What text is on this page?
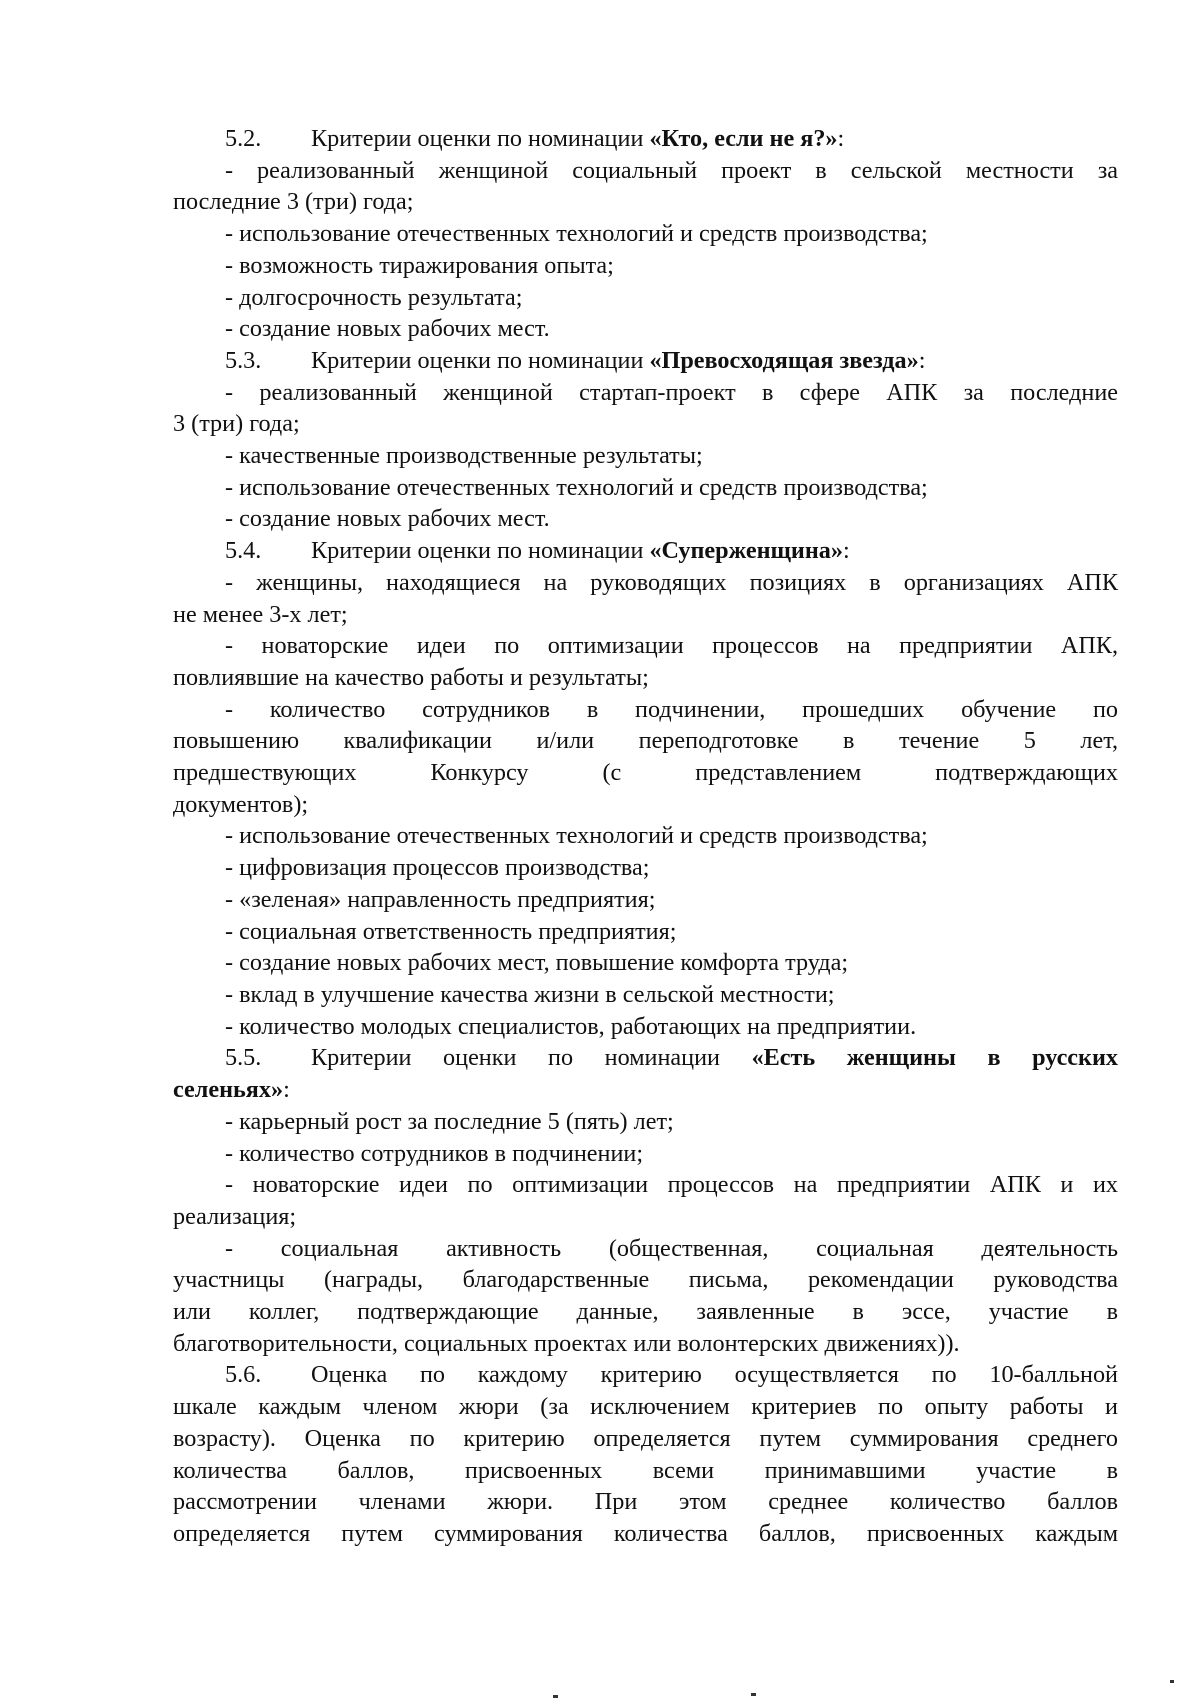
5.2. Критерии оценки по номинации «Кто, если не я?»:
- реализованный женщиной социальный проект в сельской местности за
последние 3 (три) года;
- использование отечественных технологий и средств производства;
- возможность тиражирования опыта;
- долгосрочность результата;
- создание новых рабочих мест.
5.3. Критерии оценки по номинации «Превосходящая звезда»:
- реализованный женщиной стартап-проект в сфере АПК за последние
3 (три) года;
- качественные производственные результаты;
- использование отечественных технологий и средств производства;
- создание новых рабочих мест.
5.4. Критерии оценки по номинации «Суперженщина»:
- женщины, находящиеся на руководящих позициях в организациях АПК
не менее 3-х лет;
- новаторские идеи по оптимизации процессов на предприятии АПК,
повлиявшие на качество работы и результаты;
- количество сотрудников в подчинении, прошедших обучение по
повышению квалификации и/или переподготовке в течение 5 лет,
предшествующих Конкурсу (с представлением подтверждающих
документов);
- использование отечественных технологий и средств производства;
- цифровизация процессов производства;
- «зеленая» направленность предприятия;
- социальная ответственность предприятия;
- создание новых рабочих мест, повышение комфорта труда;
- вклад в улучшение качества жизни в сельской местности;
- количество молодых специалистов, работающих на предприятии.
5.5. Критерии оценки по номинации «Есть женщины в русских
селеньях»:
- карьерный рост за последние 5 (пять) лет;
- количество сотрудников в подчинении;
- новаторские идеи по оптимизации процессов на предприятии АПК и их
реализация;
- социальная активность (общественная, социальная деятельность
участницы (награды, благодарственные письма, рекомендации руководства
или коллег, подтверждающие данные, заявленные в эссе, участие в
благотворительности, социальных проектах или волонтерских движениях)).
5.6. Оценка по каждому критерию осуществляется по 10-балльной
шкале каждым членом жюри (за исключением критериев по опыту работы и
возрасту). Оценка по критерию определяется путем суммирования среднего
количества баллов, присвоенных всеми принимавшими участие в
рассмотрении членами жюри. При этом среднее количество баллов
определяется путем суммирования количества баллов, присвоенных каждым
